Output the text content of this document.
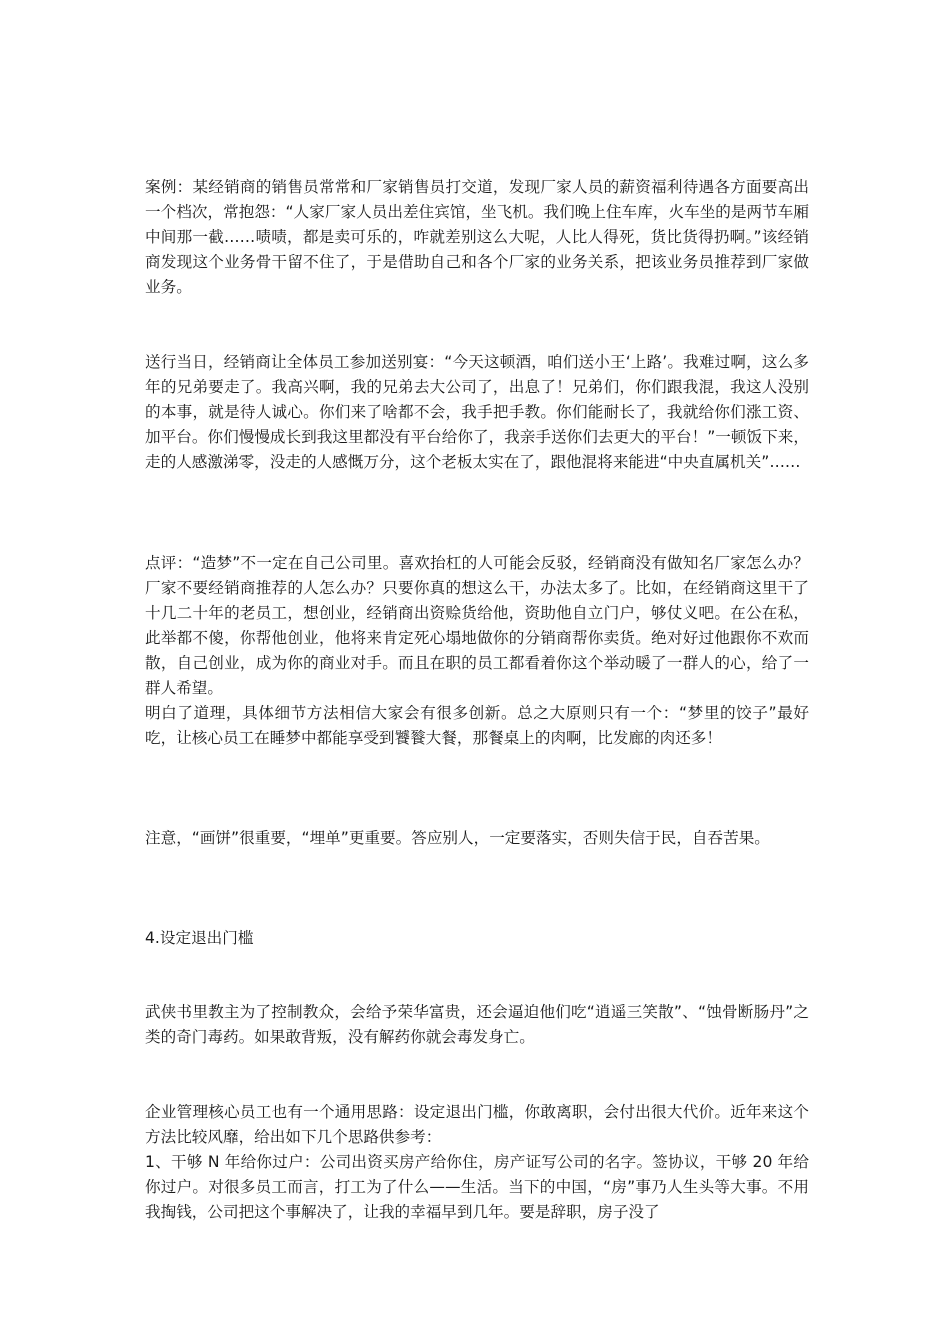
案例：某经销商的销售员常常和厂家销售员打交道，发现厂家人员的薪资福利待遇各方面要高出一个档次，常抱怨：“人家厂家人员出差住宾馆，坐飞机。我们晚上住车库，火车坐的是两节车厢中间那一截……啧啧，都是卖可乐的，咋就差别这么大呢，人比人得死，货比货得扔啊。”该经销商发现这个业务骨干留不住了，于是借助自己和各个厂家的业务关系，把该业务员推荐到厂家做业务。

送行当日，经销商让全体员工参加送别宴：“今天这顿酒，咱们送小王‘上路’。我难过啊，这么多年的兄弟要走了。我高兴啊，我的兄弟去大公司了，出息了！兄弟们，你们跟我混，我这人没别的本事，就是待人诚心。你们来了啥都不会，我手把手教。你们能耐长了，我就给你们涨工资、加平台。你们慢慢成长到我这里都没有平台给你了，我亲手送你们去更大的平台！”一顿饭下来，走的人感激涕零，没走的人感慨万分，这个老板太实在了，跟他混将来能进“中央直属机关”……

点评：“造梦”不一定在自己公司里。喜欢抬杠的人可能会反驳，经销商没有做知名厂家怎么办？厂家不要经销商推荐的人怎么办？只要你真的想这么干，办法太多了。比如，在经销商这里干了十几二十年的老员工，想创业，经销商出资赊货给他，资助他自立门户，够仗义吧。在公在私，此举都不傻，你帮他创业，他将来肯定死心塌地做你的分销商帮你卖货。绝对好过他跟你不欢而散，自己创业，成为你的商业对手。而且在职的员工都看着你这个举动暖了一群人的心，给了一群人希望。

明白了道理，具体细节方法相信大家会有很多创新。总之大原则只有一个：“梦里的饺子”最好吃，让核心员工在睡梦中都能享受到饕餮大餐，那餐桌上的肉啊，比发廊的肉还多！

注意，“画饼”很重要，“埋单”更重要。答应别人，一定要落实，否则失信于民，自吞苦果。

4.设定退出门槛

武侠书里教主为了控制教众，会给予荣华富贵，还会逼迫他们吃“逍遥三笑散”、“蚀骨断肠丹”之类的奇门毒药。如果敢背叛，没有解药你就会毒发身亡。

企业管理核心员工也有一个通用思路：设定退出门槛，你敢离职，会付出很大代价。近年来这个方法比较风靡，给出如下几个思路供参考：

1、干够 N 年给你过户：公司出资买房产给你住，房产证写公司的名字。签协议，干够 20 年给你过户。对很多员工而言，打工为了什么——生活。当下的中国，“房”事乃人生头等大事。不用我掏钱，公司把这个事解决了，让我的幸福早到几年。要是辞职，房子没了
